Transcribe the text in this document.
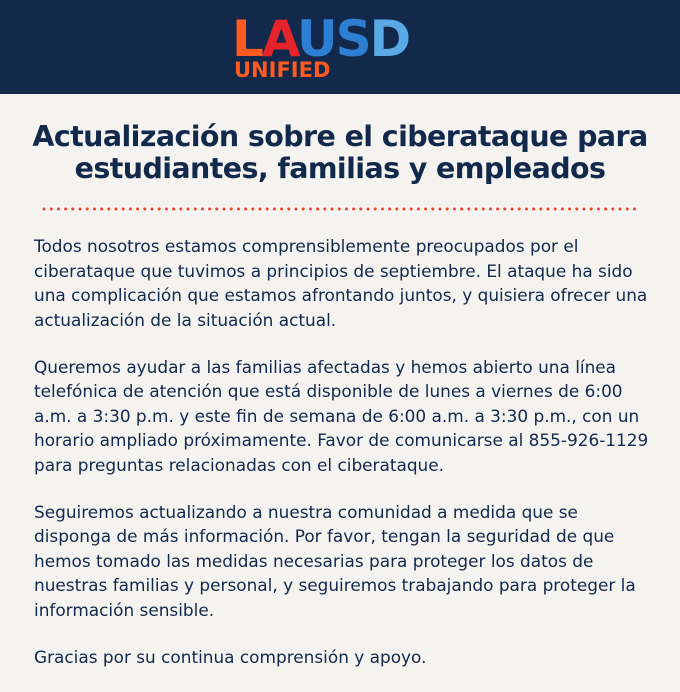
LAUSD
UNIFIED
Actualización sobre el ciberataque para
estudiantes, familias y empleados

Todos nosotros estamos comprensiblemente preocupados por el ciberataque que tuvimos a principios de septiembre. El ataque ha sido una complicación que estamos afrontando juntos, y quisiera ofrecer una actualización de la situación actual.

Queremos ayudar a las familias afectadas y hemos abierto una línea telefónica de atención que está disponible de lunes a viernes de 6:00 a.m. a 3:30 p.m. y este fin de semana de 6:00 a.m. a 3:30 p.m., con un horario ampliado próximamente. Favor de comunicarse al 855-926-1129 para preguntas relacionadas con el ciberataque.

Seguiremos actualizando a nuestra comunidad a medida que se disponga de más información. Por favor, tengan la seguridad de que hemos tomado las medidas necesarias para proteger los datos de nuestras familias y personal, y seguiremos trabajando para proteger la información sensible.

Gracias por su continua comprensión y apoyo.
